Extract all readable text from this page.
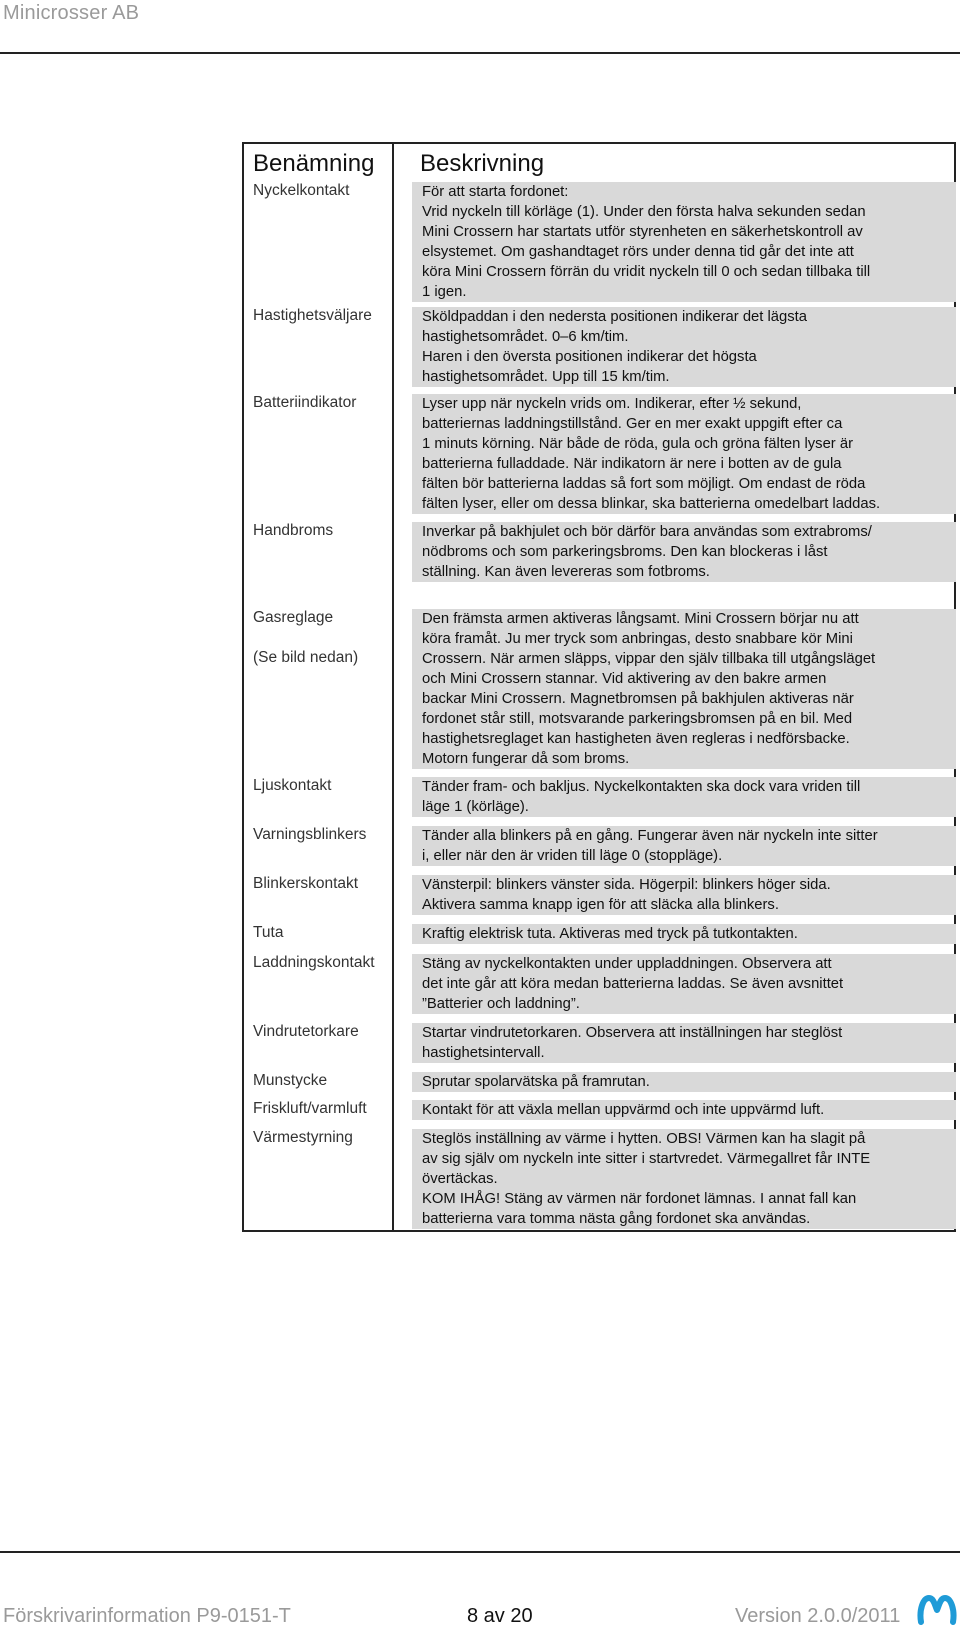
Minicrosser AB
Benämning Beskrivning
Nyckelkontakt
Hastighetsväljare
Batteriindikator
Handbroms
Gasreglage
(Se bild nedan)
Ljuskontakt
Varningsblinkers
Blinkerskontakt
Tuta
Laddningskontakt
Vindrutetorkare
Munstycke
Friskluft/varmluft
Värmestyrning
För att starta fordonet:
Vrid nyckeln till körläge (1). Under den första halva sekunden sedan
Mini Crossern har startats utför styrenheten en säkerhetskontroll av
elsystemet. Om gashandtaget rörs under denna tid går det inte att
köra Mini Crossern förrän du vridit nyckeln till 0 och sedan tillbaka till
1 igen.
Sköldpaddan i den nedersta positionen indikerar det lägsta
hastighetsområdet. 0–6 km/tim.
Haren i den översta positionen indikerar det högsta
hastighetsområdet. Upp till 15 km/tim.
Lyser upp när nyckeln vrids om. Indikerar, efter ½ sekund,
batteriernas laddningstillstånd. Ger en mer exakt uppgift efter ca
1 minuts körning. När både de röda, gula och gröna fälten lyser är
batterierna fulladdade. När indikatorn är nere i botten av de gula
fälten bör batterierna laddas så fort som möjligt. Om endast de röda
fälten lyser, eller om dessa blinkar, ska batterierna omedelbart laddas.
Inverkar på bakhjulet och bör därför bara användas som extrabroms/
nödbroms och som parkeringsbroms. Den kan blockeras i låst
ställning. Kan även levereras som fotbroms.
Den främsta armen aktiveras långsamt. Mini Crossern börjar nu att
köra framåt. Ju mer tryck som anbringas, desto snabbare kör Mini
Crossern. När armen släpps, vippar den själv tillbaka till utgångsläget
och Mini Crossern stannar. Vid aktivering av den bakre armen
backar Mini Crossern. Magnetbromsen på bakhjulen aktiveras när
fordonet står still, motsvarande parkeringsbromsen på en bil. Med
hastighetsreglaget kan hastigheten även regleras i nedförsbacke.
Motorn fungerar då som broms.
Tänder fram- och bakljus. Nyckelkontakten ska dock vara vriden till
läge 1 (körläge).
Tänder alla blinkers på en gång. Fungerar även när nyckeln inte sitter
i, eller när den är vriden till läge 0 (stoppläge).
Vänsterpil: blinkers vänster sida. Högerpil: blinkers höger sida.
Aktivera samma knapp igen för att släcka alla blinkers.
Kraftig elektrisk tuta. Aktiveras med tryck på tutkontakten.
Stäng av nyckelkontakten under uppladdningen. Observera att
det inte går att köra medan batterierna laddas. Se även avsnittet
”Batterier och laddning”.
Startar vindrutetorkaren. Observera att inställningen har steglöst
hastighetsintervall.
Sprutar spolarvätska på framrutan.
Kontakt för att växla mellan uppvärmd och inte uppvärmd luft.
Steglös inställning av värme i hytten. OBS! Värmen kan ha slagit på
av sig själv om nyckeln inte sitter i startvredet. Värmegallret får INTE
övertäckas.
KOM IHÅG! Stäng av värmen när fordonet lämnas. I annat fall kan
batterierna vara tomma nästa gång fordonet ska användas.
Förskrivarinformation P9-0151-T	8 av 20	Version 2.0.0/2011
